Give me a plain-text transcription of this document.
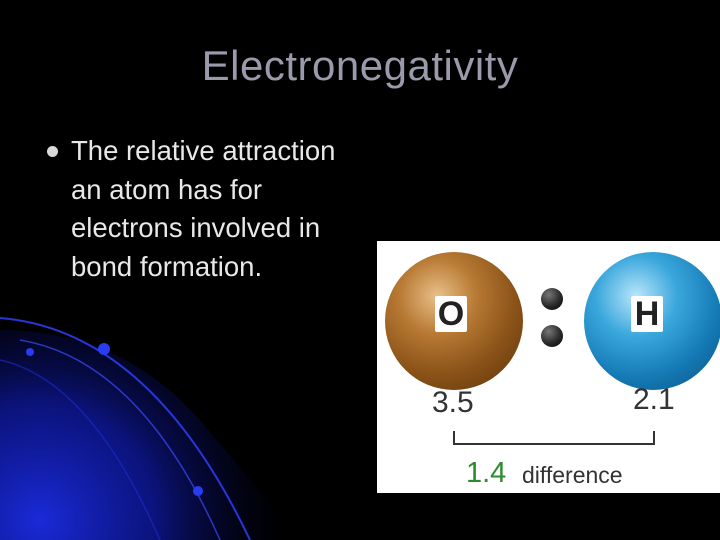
Electronegativity
The relative attraction an atom has for electrons involved in bond formation.
O	H
3.5	2.1
1.4 difference
